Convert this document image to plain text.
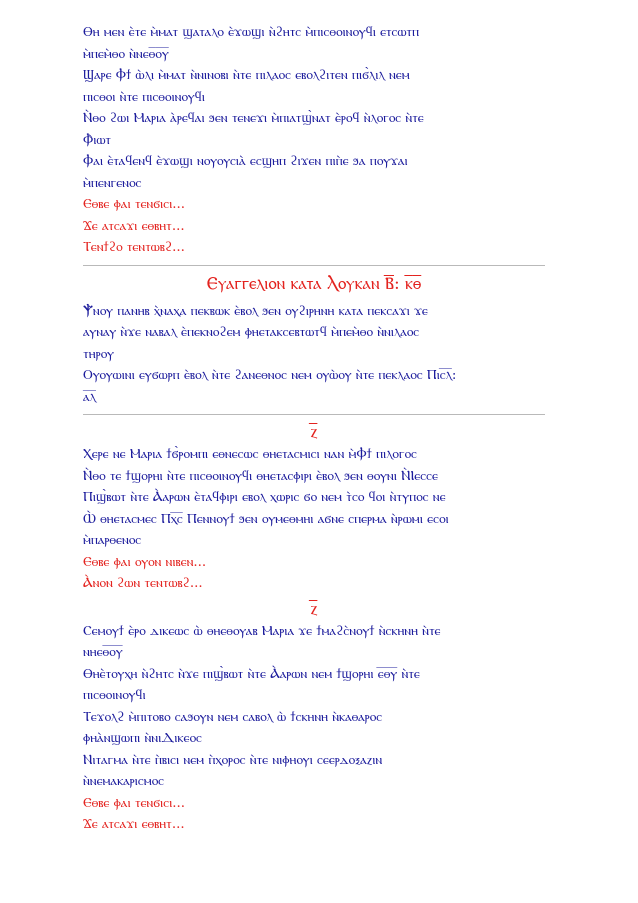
Ⲑⲏ ⲙⲉⲛ ⲉ̀ⲧⲉ ⲙ̀ⲙⲁⲧ ϣⲁⲧⲁⲗⲟ ⲉ̀ϫⲱϣⲓ ⲛ̀ϩⲏⲧⲥ ⲙ̀ⲡⲓⲥⲑⲟⲓⲛⲟⲩϥⲓ ⲉⲧⲥⲱⲧⲡ

ⲙ̀ⲡⲉⲙ̀ⲑⲟ ⲛ̀ⲛⲉⲑ̅ⲟ̅ⲩ̅

Ϣⲁⲣⲉ Ⲫϯ ⲱ̀ⲗⲓ ⲙ̀ⲙⲁⲧ ⲛ̀ⲛⲓⲛⲟⲃⲓ ⲛ̀ⲧⲉ ⲡⲓⲗⲁⲟⲥ ⲉⲃⲟⲗϩⲓⲧⲉⲛ ⲡⲓϭ̀ⲗⲓⲗ ⲛⲉⲙ

ⲡⲓⲥⲑⲟⲓ ⲛ̀ⲧⲉ ⲡⲓⲥⲑⲟⲓⲛⲟⲩϥⲓ

Ⲛ̀ⲑⲟ ϩⲱⲓ Ⲙⲁⲣⲓⲁ ⲁ̀ⲣⲉϥⲁⲓ ϧⲉⲛ ⲧⲉⲛⲉϫⲓ ⲙ̀ⲡⲓⲁⲧϣ̀ⲛⲁⲧ ⲉ̀ⲣⲟϥ ⲛ̀ⲗⲟⲅⲟⲥ ⲛ̀ⲧⲉ

Ⲫ̀ⲓⲱⲧ

Ⲫⲁⲓ ⲉ̀ⲧⲁϥⲉⲛϥ ⲉ̀ϫⲱϣⲓ ⲛⲟⲩⲟⲩⲥⲓⲁ̀ ⲉⲥϣⲏⲡ ϩⲓϫⲉⲛ ⲡⲓⲡ̀ⲉ ϧⲁ ⲡⲟⲩϫⲁⲓ

ⲙ̀ⲡⲉⲛⲅⲉⲛⲟⲥ

Ⲉⲑⲃⲉ ⲫⲁⲓ ⲧⲉⲛϭⲓⲥⲓ...

Ϫⲉ ⲁⲧⲥⲁϫⲓ ⲉⲑⲃⲏⲧ...

Ⲧⲉⲛϯϩⲟ ⲧⲉⲛⲧⲱⲃϩ...

Ⲉⲩⲁⲅⲅⲉⲗⲓⲟⲛ ⲕⲁⲧⲁ Ⲗⲟⲩⲕⲁⲛ Ⲃ̅: ⲕ̅ⲑ̅

Ⲯ̀ⲛⲟⲩ ⲡⲁⲛⲏⲃ ⲭ̀ⲛⲁⲭⲁ ⲡⲉⲕⲃⲱⲕ ⲉ̀ⲃⲟⲗ ϧⲉⲛ ⲟⲩϩⲓⲣⲏⲛⲏ ⲕⲁⲧⲁ ⲡⲉⲕⲥⲁϫⲓ ϫⲉ

ⲁⲩⲛⲁⲩ ⲛ̀ϫⲉ ⲛⲁⲃⲁⲗ ⲉ̀ⲡⲉⲕⲛⲟϩⲉⲙ ⲫⲏⲉⲧⲁⲕⲥⲉⲃⲧⲱⲧϥ ⲙ̀ⲡⲉⲙ̀ⲑⲟ ⲛ̀ⲛⲓⲗⲁⲟⲥ

ⲧⲏⲣⲟⲩ

Ⲟⲩⲟⲩⲱⲓⲛⲓ ⲉⲩϭⲱⲣⲡ ⲉ̀ⲃⲟⲗ ⲛ̀ⲧⲉ ϩⲁⲛⲉⲑⲛⲟⲥ ⲛⲉⲙ ⲟⲩⲱ̀ⲟⲩ ⲛ̀ⲧⲉ ⲡⲉⲕⲗⲁⲟⲥ Ⲡⲓⲥ̅ⲗ̅:

ⲁ̅ⲗ̅

ⲍ̅

Ⲭⲉⲣⲉ ⲛⲉ Ⲙⲁⲣⲓⲁ ϯϭ̀ⲣⲟⲙⲡⲓ ⲉⲑⲛⲉⲥⲱⲥ ⲑⲏⲉⲧⲁⲥⲙⲓⲥⲓ ⲛⲁⲛ ⲙ̀Ⲫϯ ⲡⲓⲗⲟⲅⲟⲥ

Ⲛ̀ⲑⲟ ⲧⲉ ϯϣⲟⲣⲏⲓ ⲛ̀ⲧⲉ ⲡⲓⲥⲑⲟⲓⲛⲟⲩϥⲓ ⲑⲏⲉⲧⲁⲥⲫⲓⲣⲓ ⲉ̀ⲃⲟⲗ ϧⲉⲛ ⲑⲟⲩⲛⲓ Ⲛ̀Ⲓⲉⲥⲥⲉ

Ⲡⲓϣ̀ⲃⲱⲧ ⲛ̀ⲧⲉ Ⲁ̀ⲁⲣⲱⲛ ⲉ̀ⲧⲁϥⲫⲓⲣⲓ ⲉⲃⲟⲗ ⲭⲱⲣⲓⲥ ϭⲟ ⲛⲉⲙ ⲧ̀ⲥⲟ ϥⲟⲓ ⲛ̀ⲧⲩⲡⲟⲥ ⲛⲉ

Ⲱ̀ ⲑⲏⲉⲧⲁⲥⲙⲉⲥ Ⲡⲭ̅ⲥ̅ Ⲡⲉⲛⲛⲟⲩϯ ϧⲉⲛ ⲟⲩⲙⲉⲑⲙⲏⲓ ⲁϭⲛⲉ ⲥⲡⲉⲣⲙⲁ ⲛ̀ⲣⲱⲙⲓ ⲉⲥⲟⲓ

ⲙ̀ⲡⲁⲣⲑⲉⲛⲟⲥ

Ⲉⲑⲃⲉ ⲫⲁⲓ ⲟⲩⲟⲛ ⲛⲓⲃⲉⲛ...

Ⲁ̀ⲛⲟⲛ ϩⲱⲛ ⲧⲉⲛⲧⲱⲃϩ...

ⲍ̅

Ⲥⲉⲙⲟⲩϯ ⲉ̀ⲣⲟ ⲇⲓⲕⲉⲱⲥ ⲱ̀ ⲑⲏⲉⲑⲟⲩⲁⲃ Ⲙⲁⲣⲓⲁ ϫⲉ ϯⲙⲁϩⲥ̀ⲛⲟⲩϯ ⲛ̀ⲥⲕⲏⲛⲏ ⲛ̀ⲧⲉ

ⲛⲏⲉⲑ̅ⲟ̅ⲩ̅

Ⲑⲏⲉ̀ⲧⲟⲩⲭⲏ ⲛ̀ϩⲏⲧⲥ ⲛ̀ϫⲉ ⲡⲓϣ̀ⲃⲱⲧ ⲛ̀ⲧⲉ Ⲁ̀ⲁⲣⲱⲛ ⲛⲉⲙ ϯϣⲟⲣⲏⲓ ⲉ̅ⲑ̅ⲩ̅ ⲛ̀ⲧⲉ

ⲡⲓⲥⲑⲟⲓⲛⲟⲩϥⲓ

Ⲧⲉϫⲟⲗϩ ⲙ̀ⲡⲓⲧⲟⲃⲟ ⲥⲁϧⲟⲩⲛ ⲛⲉⲙ ⲥⲁⲃⲟⲗ ⲱ̀ ϯⲥⲕⲏⲛⲏ ⲛ̀ⲕⲁⲑⲁⲣⲟⲥ

ⲫⲏⲁ̀ⲛϣⲱⲡⲓ ⲛ̀ⲛⲓⲆⲓⲕⲉⲟⲥ

Ⲛⲓⲧⲁⲅⲙⲁ ⲛ̀ⲧⲉ ⲡ̀ⲃⲓⲥⲓ ⲛⲉⲙ ⲡ̀ⲭⲟⲣⲟⲥ ⲛ̀ⲧⲉ ⲛⲓⲫⲏⲟⲩⲓ ⲥⲉⲉⲣⲇⲟⲝⲁⲍⲓⲛ

ⲛ̀ⲛⲉⲙⲁⲕⲁⲣⲓⲥⲙⲟⲥ

Ⲉⲑⲃⲉ ⲫⲁⲓ ⲧⲉⲛϭⲓⲥⲓ...

Ϫⲉ ⲁⲧⲥⲁϫⲓ ⲉⲑⲃⲏⲧ...
